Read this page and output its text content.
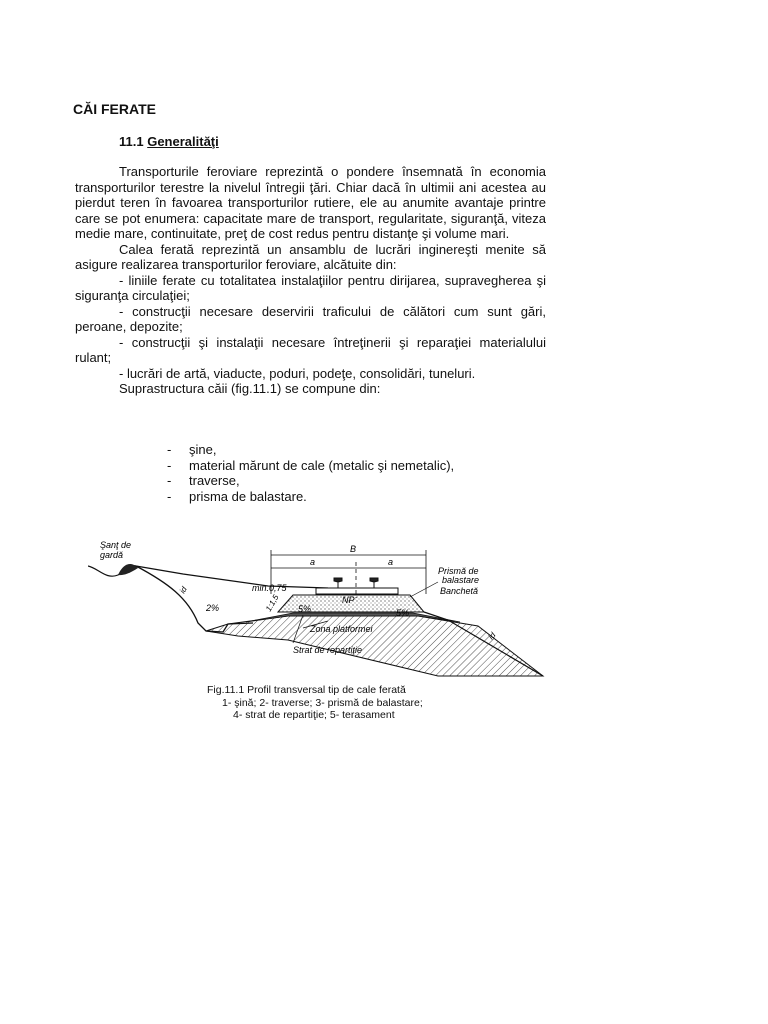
CĂI FERATE
11.1 Generalităţi

Transporturile feroviare reprezintă o pondere însemnată în economia transporturilor terestre la nivelul întregii ţări. Chiar dacă în ultimii ani acestea au pierdut teren în favoarea transporturilor rutiere, ele au anumite avantaje printre care se pot enumera: capacitate mare de transport, regularitate, siguranţă, viteza medie mare, continuitate, preţ de cost redus pentru distanţe şi volume mari.

Calea ferată reprezintă un ansamblu de lucrări inginereşti menite să asigure realizarea transporturilor feroviare, alcătuite din:

- liniile ferate cu totalitatea instalaţiilor pentru dirijarea, supravegherea şi siguranţa circulaţiei;

- construcţii necesare deservirii traficului de călători cum sunt gări, peroane, depozite;

- construcţii şi instalaţii necesare întreţinerii şi reparaţiei materialului rulant;

- lucrări de artă, viaducte, poduri, podeţe, consolidări, tuneluri.

Suprastructura căii (fig.11.1) se compune din:

-	şine,
-	material mărunt de cale (metalic şi nemetalic),
-	traverse,
-	prisma de balastare.
Şanţ de
gardă
B
a	a
Prismă de
balastare
Banchetă
min.0,75
NP
2%	5%	5%
1:1,5
Zona platformei
Strat de repartiţie
id
id
Fig.11.1 Profil transversal tip de cale ferată
1- şină; 2- traverse; 3- prismă de balastare;
4- strat de repartiţie; 5- terasament
